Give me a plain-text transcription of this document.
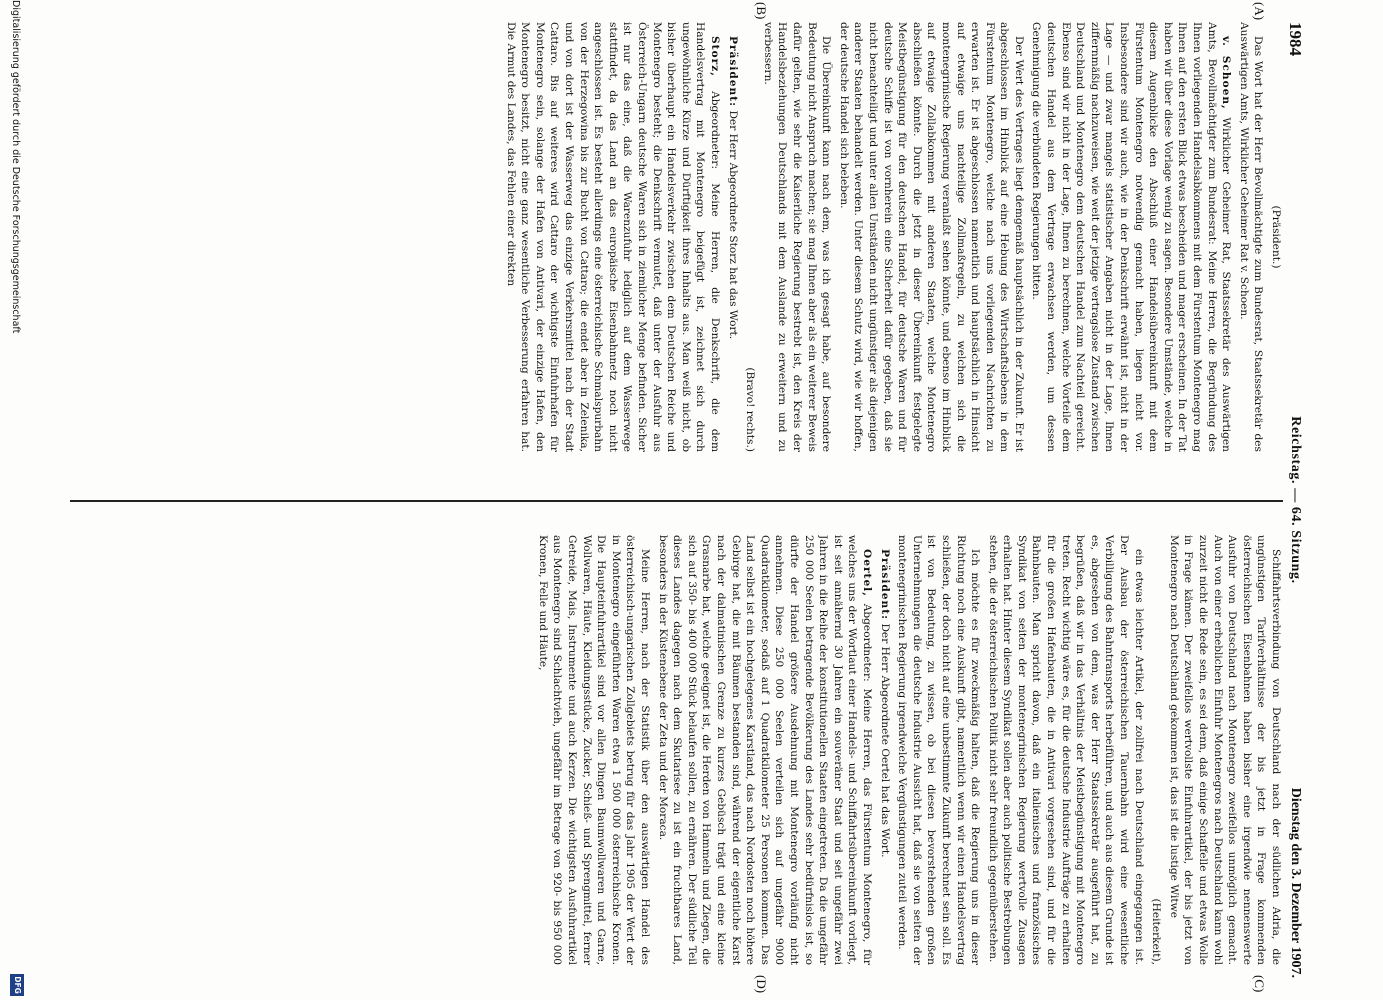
1984
Reichstag. — 64. Sitzung.
Dienstag den 3. Dezember 1907.
(A)
(B)
(C)
(D)

(Präsident.)

Das Wort hat der Herr Bevollmächtigte zum Bundesrat, Staatssekretär des Auswärtigen Amts, Wirklicher Geheimer Rat v. Schoen.

v. Schoen, Wirklicher Geheimer Rat, Staatssekretär des Auswärtigen Amts, Bevollmächtigter zum Bundesrat: Meine Herren, die Begründung des Ihnen vorliegenden Handelsabkommens mit dem Fürstentum Montenegro mag Ihnen auf den ersten Blick etwas bescheiden und mager erscheinen. In der Tat haben wir über diese Vorlage wenig zu sagen. Besondere Umstände, welche in diesem Augenblicke den Abschluß einer Handelsübereinkunft mit dem Fürstentum Montenegro notwendig gemacht haben, liegen nicht vor. Insbesondere sind wir auch, wie in der Denkschrift erwähnt ist, nicht in der Lage — und zwar mangels statistischer Angaben nicht in der Lage, Ihnen ziffernmäßig nachzuweisen, wie weit der jetzige vertragslose Zustand zwischen Deutschland und Montenegro dem deutschen Handel zum Nachteil gereicht. Ebenso sind wir nicht in der Lage, Ihnen zu berechnen, welche Vorteile dem deutschen Handel aus dem Vertrage erwachsen werden, um dessen Genehmigung die verbündeten Regierungen bitten.

Der Wert des Vertrages liegt demgemäß hauptsächlich in der Zukunft. Er ist abgeschlossen im Hinblick auf eine Hebung des Wirtschaftslebens in dem Fürstentum Montenegro, welche nach uns vorliegenden Nachrichten zu erwarten ist. Er ist abgeschlossen namentlich und hauptsächlich in Hinsicht auf etwaige uns nachteilige Zollmaßregeln, zu welchen sich die montenegrinische Regierung veranlaßt sehen könnte, und ebenso im Hinblick auf etwaige Zollabkommen mit anderen Staaten, welche Montenegro abschließen könnte. Durch die jetzt in dieser Übereinkunft festgelegte Meistbegünstigung für den deutschen Handel, für deutsche Waren und für deutsche Schiffe ist von vornherein eine Sicherheit dafür gegeben, daß sie nicht benachteiligt und unter allen Umständen nicht ungünstiger als diejenigen anderer Staaten behandelt werden. Unter diesem Schutz wird, wie wir hoffen, der deutsche Handel sich beleben.

Die Übereinkunft kann nach dem, was ich gesagt habe, auf besondere Bedeutung nicht Anspruch machen; sie mag Ihnen aber als ein weiterer Beweis dafür gelten, wie sehr die Kaiserliche Regierung bestrebt ist, den Kreis der Handelsbeziehungen Deutschlands mit dem Auslande zu erweitern und zu verbessern.

(Bravo! rechts.)

Präsident: Der Herr Abgeordnete Storz hat das Wort.

Storz, Abgeordneter: Meine Herren, die Denkschrift, die dem Handelsvertrag mit Montenegro beigefügt ist, zeichnet sich durch ungewöhnliche Kürze und Dürftigkeit ihres Inhalts aus. Man weiß nicht, ob bisher überhaupt ein Handelsverkehr zwischen dem Deutschen Reiche und Montenegro besteht; die Denkschrift vermutet, daß unter der Ausfuhr aus Österreich-Ungarn deutsche Waren sich in ziemlicher Menge befinden. Sicher ist nur das eine, daß die Warenzufuhr lediglich auf dem Wasserwege stattfindet, da das Land an das europäische Eisenbahnnetz noch nicht angeschlossen ist. Es besteht allerdings eine österreichische Schmalspurbahn von der Herzegowina bis zur Bucht von Cattaro; die endet aber in Zelenika, und von dort ist der Wasserweg das einzige Verkehrsmittel nach der Stadt Cattaro. Bis auf weiteres wird Cattaro der wichtigste Einfuhrhafen für Montenegro sein, solange der Hafen von Antivari, der einzige Hafen, den Montenegro besitzt, nicht eine ganz wesentliche Verbesserung erfahren hat. Die Armut des Landes, das Fehlen einer direkten

Schiffahrtsverbindung von Deutschland nach der südlichen Adria, die ungünstigen Tarifverhältnisse der bis jetzt in Frage kommenden österreichischen Eisenbahnen haben bisher eine irgendwie nennenswerte Ausfuhr von Deutschland nach Montenegro zweifellos unmöglich gemacht. Auch von einer erheblichen Einfuhr Montenegros nach Deutschland kann wohl zurzeit nicht die Rede sein, es sei denn, daß einige Schaffelle und etwas Wolle in Frage kämen. Der zweifellos wertvollste Einfuhrartikel, der bis jetzt von Montenegro nach Deutschland gekommen ist, das ist die lustige Witwe

(Heiterkeit),

ein etwas leichter Artikel, der zollfrei nach Deutschland eingegangen ist. Der Ausbau der österreichischen Tauernbahn wird eine wesentliche Verbilligung des Bahntransports herbeiführen, und auch aus diesem Grunde ist es, abgesehen von dem, was der Herr Staatssekretär ausgeführt hat, zu begrüßen, daß wir in das Verhältnis der Meistbegünstigung mit Montenegro treten. Recht wichtig wäre es, für die deutsche Industrie Aufträge zu erhalten für die großen Hafenbauten, die in Antivari vorgesehen sind, und für die Bahnbauten. Man spricht davon, daß ein italienisches und französisches Syndikat von seiten der montenegrinischen Regierung wertvolle Zusagen erhalten hat. Hinter diesem Syndikat sollen aber auch politische Bestrebungen stehen, die der österreichischen Politik nicht sehr freundlich gegenüberstehen.

Ich möchte es für zweckmäßig halten, daß die Regierung uns in dieser Richtung noch eine Auskunft gibt, namentlich wenn wir einen Handelsvertrag schließen, der doch nicht auf eine unbestimmte Zukunft berechnet sein soll. Es ist von Bedeutung, zu wissen, ob bei diesen bevorstehenden großen Unternehmungen die deutsche Industrie Aussicht hat, daß sie von seiten der montenegrinischen Regierung irgendwelche Vergünstigungen zuteil werden.

Präsident: Der Herr Abgeordnete Oertel hat das Wort.

Oertel, Abgeordneter: Meine Herren, das Fürstentum Montenegro, für welches uns der Wortlaut einer Handels- und Schiffahrtsübereinkunft vorliegt, ist seit annähernd 30 Jahren ein souveräner Staat und seit ungefähr zwei Jahren in die Reihe der konstitutionellen Staaten eingetreten. Da die ungefähr 250 000 Seelen betragende Bevölkerung des Landes sehr bedürfnislos ist, so dürfte der Handel größere Ausdehnung mit Montenegro vorläufig nicht annehmen. Diese 250 000 Seelen verteilen sich auf ungefähr 9000 Quadratkilometer, sodaß auf 1 Quadratkilometer 25 Personen kommen. Das Land selbst ist ein hochgelegenes Karstland, das nach Nordosten noch höhere Gebirge hat, die mit Bäumen bestanden sind, während der eigentliche Karst nach der dalmatinischen Grenze zu kurzes Gebüsch trägt und eine kleine Grasnarbe hat, welche geeignet ist, die Herden von Hammeln und Ziegen, die sich auf 350- bis 400 000 Stück belaufen sollen, zu ernähren. Der südliche Teil dieses Landes dagegen nach dem Skutarisee zu ist ein fruchtbares Land, besonders in der Küstenebene der Zeta und der Moraca.

Meine Herren, nach der Statistik über den auswärtigen Handel des österreichisch-ungarischen Zollgebiets betrug für das Jahr 1905 der Wert der in Montenegro eingeführten Waren etwa 1 500 000 österreichische Kronen. Die Haupteinfuhrartikel sind vor allen Dingen Baumwollwaren und Garne, Wollwaren, Häute, Kleidungsstücke, Zucker, Schieß- und Sprengmittel, ferner Getreide, Mais, Instrumente und auch Kerzen. Die wichtigsten Ausfuhrartikel aus Montenegro sind Schlachtvieh, ungefähr im Betrage von 920- bis 950 000 Kronen, Felle und Häute,

Digitalisierung gefördert durch die Deutsche Forschungsgemeinschaft
DFG
